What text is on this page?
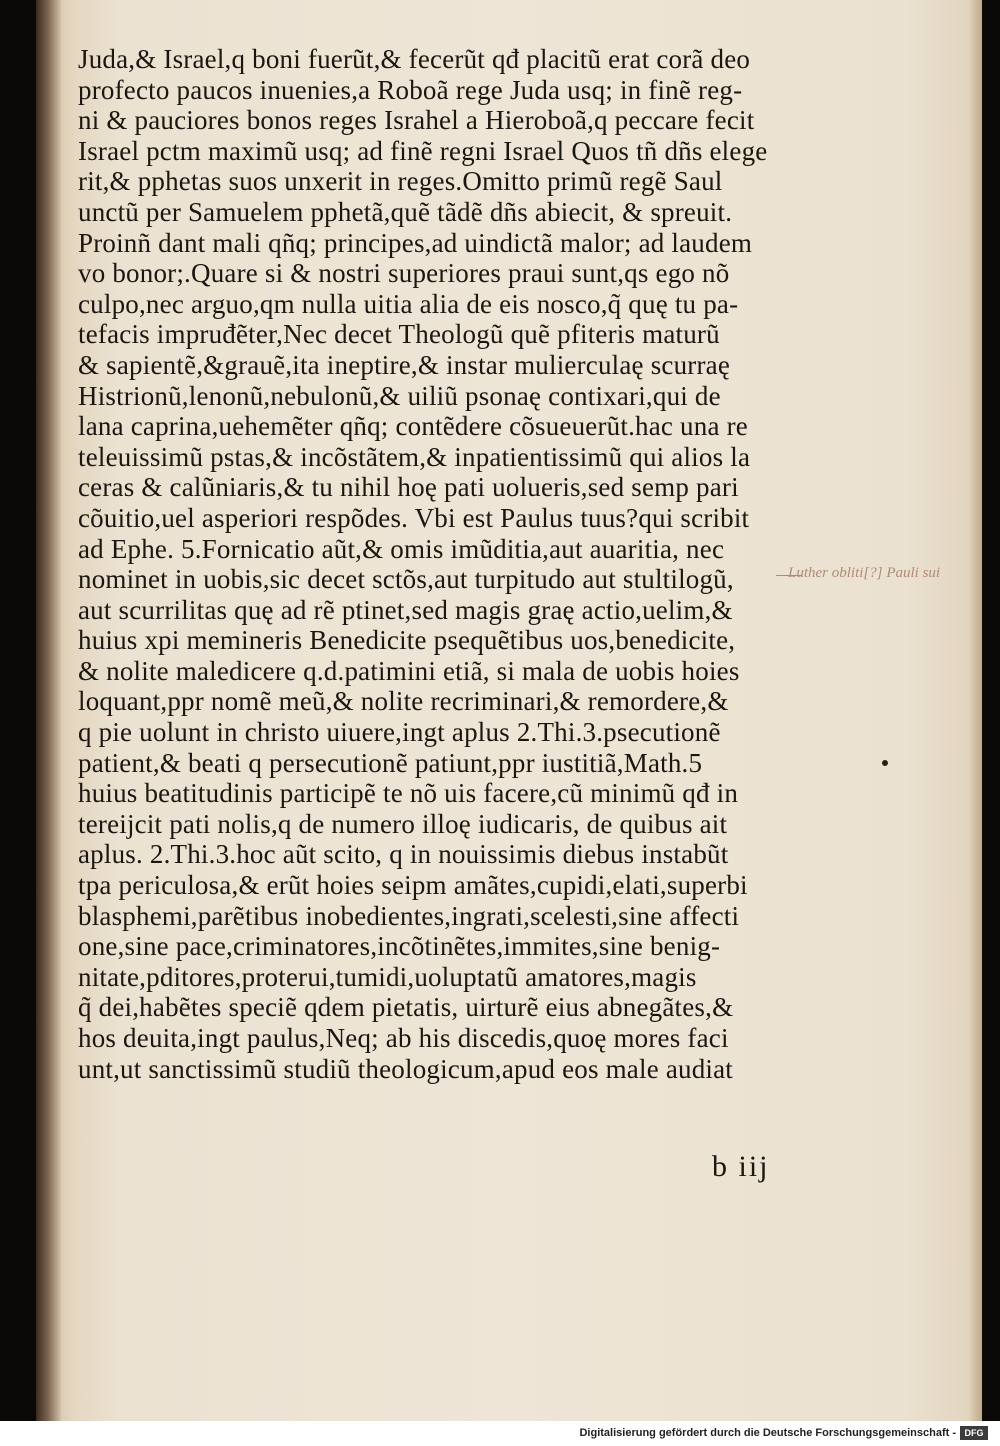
Juda,& Israel,q boni fuerũt,& fecerũt qđ placitũ erat corã deo
profecto paucos inuenies,a Roboã rege Juda usq; in finẽ reg-
ni & pauciores bonos reges Israhel a Hieroboã,q peccare fecit
Israel pctm maximũ usq; ad finẽ regni Israel Quos tñ dñs elege
rit,& pphetas suos unxerit in reges.Omitto primũ regẽ Saul
unctũ per Samuelem pphetã,quẽ tãdẽ dñs abiecit, & spreuit.
Proinñ dant mali qñq; principes,ad uindictã malor; ad laudem
vo bonor;.Quare si & nostri superiores praui sunt,qs ego nõ
culpo,nec arguo,qm nulla uitia alia de eis nosco,q̃ quę tu pa-
tefacis impruđẽter,Nec decet Theologũ quẽ pfiteris maturũ
& sapientẽ,&grauẽ,ita ineptire,& instar mulierculaę scurraę
Histrionũ,lenonũ,nebulonũ,& uiliũ psonaę contixari,qui de
lana caprina,uehemẽter qñq; contẽdere cõsueuerũt.hac una re
teleuissimũ pstas,& incõstãtem,& inpatientissimũ qui alios la
ceras & calũniaris,& tu nihil hoę pati uolueris,sed semp pari
cõuitio,uel asperiori respõdes. Vbi est Paulus tuus?qui scribit
ad Ephe. 5.Fornicatio aũt,& omis imũditia,aut auaritia, nec
nominet in uobis,sic decet sctõs,aut turpitudo aut stultilogũ,
aut scurrilitas quę ad rẽ ptinet,sed magis graę actio,uelim,&
huius xpi memineris Benedicite psequẽtibus uos,benedicite,
& nolite maledicere q.d.patimini etiã, si mala de uobis hoies
loquant,ppr nomẽ meũ,& nolite recriminari,& remordere,&
q pie uolunt in christo uiuere,ingt aplus 2.Thi.3.psecutionẽ
patient,& beati q persecutionẽ patiunt,ppr iustitiã,Math.5
huius beatitudinis participẽ te nõ uis facere,cũ minimũ qđ in
tereijcit pati nolis,q de numero illoę iudicaris, de quibus ait
aplus. 2.Thi.3.hoc aũt scito, q in nouissimis diebus instabũt
tpa periculosa,& erũt hoies seipm amãtes,cupidi,elati,superbi
blasphemi,parẽtibus inobedientes,ingrati,scelesti,sine affecti
one,sine pace,criminatores,incõtinẽtes,immites,sine benig-
nitate,pditores,proterui,tumidi,uoluptatũ amatores,magis
q̃ dei,habẽtes speciẽ qdem pietatis, uirturẽ eius abnegãtes,&
hos deuita,ingt paulus,Neq; ab his discedis,quoę mores faci
unt,ut sanctissimũ studiũ theologicum,apud eos male audiat
b iij
Luther obliti[?] Pauli sui
Digitalisierung gefördert durch die Deutsche Forschungsgemeinschaft - DFG
